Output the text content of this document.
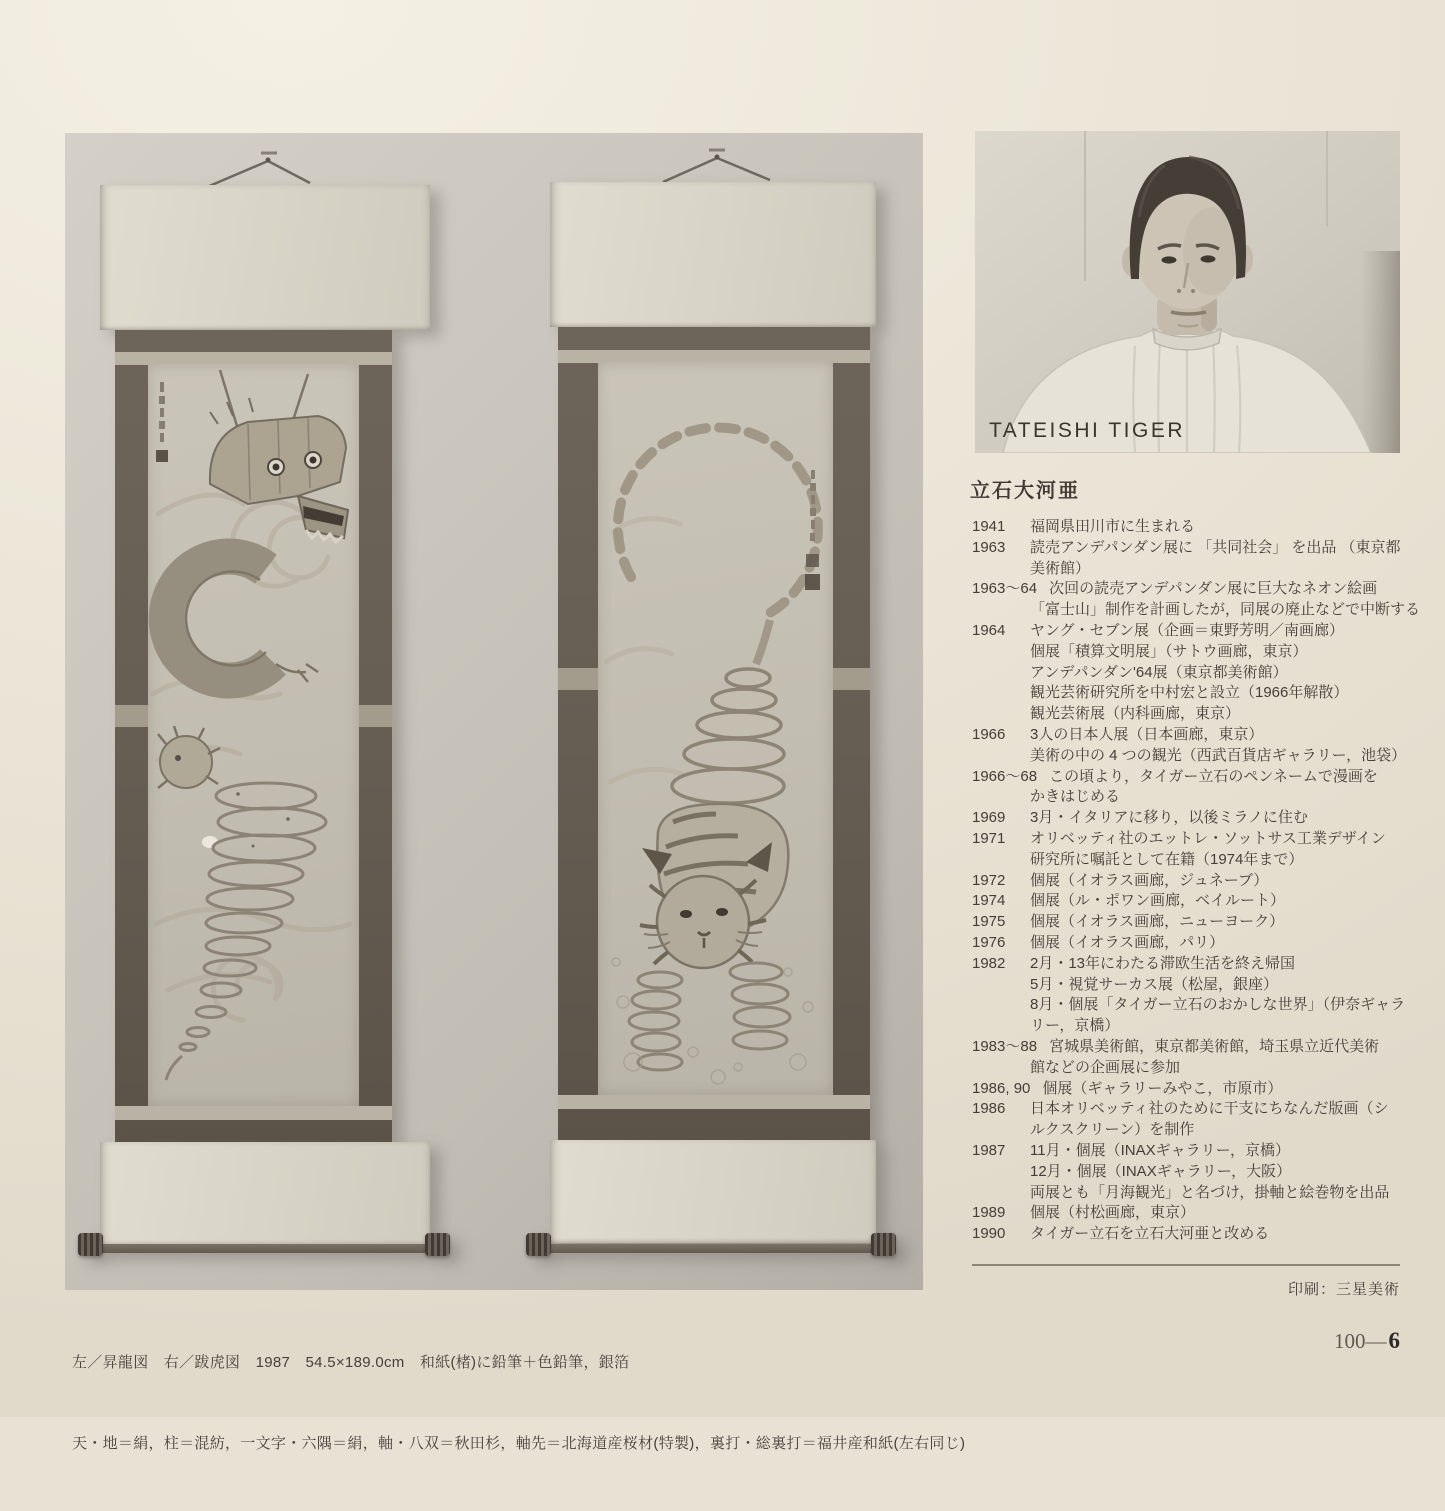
TATEISHI TIGER
立石大河亜
1941	福岡県田川市に生まれる
1963	読売アンデパンダン展に 「共同社会」 を出品 （東京都
美術館）
1963～64 次回の読売アンデパンダン展に巨大なネオン絵画
「富士山」制作を計画したが，同展の廃止などで中断する
1964	ヤング・セブン展（企画＝東野芳明／南画廊）
個展「積算文明展」（サトウ画廊，東京）
アンデパンダン'64展（東京都美術館）
観光芸術研究所を中村宏と設立（1966年解散）
観光芸術展（内科画廊，東京）
1966	3人の日本人展（日本画廊，東京）
美術の中の 4 つの観光（西武百貨店ギャラリー，池袋）
1966～68 この頃より，タイガー立石のペンネームで漫画を
かきはじめる
1969	3月・イタリアに移り，以後ミラノに住む
1971	オリベッティ社のエットレ・ソットサス工業デザイン
研究所に嘱託として在籍（1974年まで）
1972	個展（イオラス画廊，ジュネーブ）
1974	個展（ル・ポワン画廊，ベイルート）
1975	個展（イオラス画廊，ニューヨーク）
1976	個展（イオラス画廊，パリ）
1982	2月・13年にわたる滞欧生活を終え帰国
5月・視覚サーカス展（松屋，銀座）
8月・個展「タイガー立石のおかしな世界」（伊奈ギャラ
リー，京橋）
1983～88 宮城県美術館，東京都美術館，埼玉県立近代美術
館などの企画展に参加
1986, 90 個展（ギャラリーみやこ，市原市）
1986	日本オリベッティ社のために干支にちなんだ版画（シ
ルクスクリーン）を制作
1987	11月・個展（INAXギャラリー，京橋）
12月・個展（INAXギャラリー，大阪）
両展とも「月海観光」と名づけ，掛軸と絵巻物を出品
1989	個展（村松画廊，東京）
1990	タイガー立石を立石大河亜と改める
印刷：三星美術

左／昇龍図　右／跋虎図　1987　54.5×189.0cm　和紙(楮)に鉛筆＋色鉛筆，銀箔

天・地＝絹，柱＝混紡，一文字・六隅＝絹，軸・八双＝秋田杉，軸先＝北海道産桜材(特製)，裏打・総裏打＝福井産和紙(左右同じ)

100—6
